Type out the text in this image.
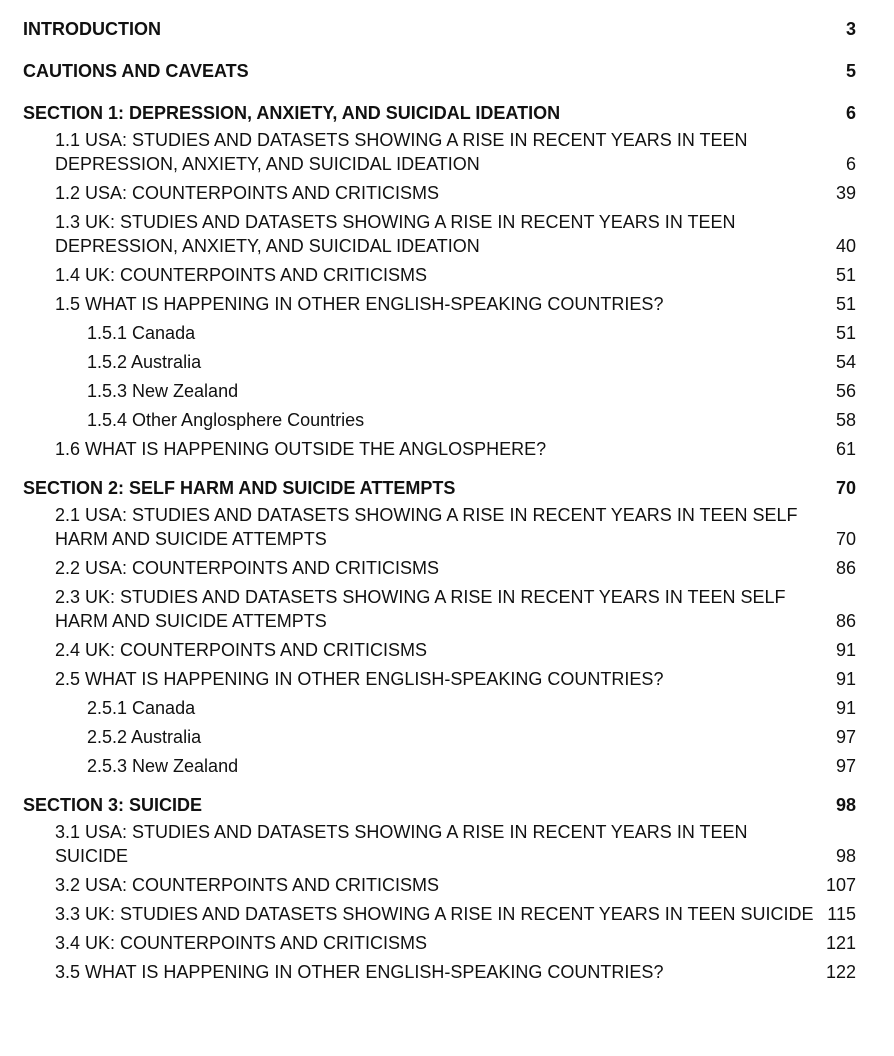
INTRODUCTION	3
CAUTIONS AND CAVEATS	5
SECTION 1: DEPRESSION, ANXIETY, AND SUICIDAL IDEATION	6
1.1 USA: STUDIES AND DATASETS SHOWING A RISE IN RECENT YEARS IN TEEN DEPRESSION, ANXIETY, AND SUICIDAL IDEATION	6
1.2 USA: COUNTERPOINTS AND CRITICISMS	39
1.3 UK: STUDIES AND DATASETS SHOWING A RISE IN RECENT YEARS IN TEEN DEPRESSION, ANXIETY, AND SUICIDAL IDEATION	40
1.4 UK: COUNTERPOINTS AND CRITICISMS	51
1.5 WHAT IS HAPPENING IN OTHER ENGLISH-SPEAKING COUNTRIES?	51
1.5.1 Canada	51
1.5.2 Australia	54
1.5.3 New Zealand	56
1.5.4 Other Anglosphere Countries	58
1.6 WHAT IS HAPPENING OUTSIDE THE ANGLOSPHERE?	61
SECTION 2: SELF HARM AND SUICIDE ATTEMPTS	70
2.1 USA: STUDIES AND DATASETS SHOWING A RISE IN RECENT YEARS IN TEEN SELF HARM AND SUICIDE ATTEMPTS	70
2.2 USA: COUNTERPOINTS AND CRITICISMS	86
2.3 UK: STUDIES AND DATASETS SHOWING A RISE IN RECENT YEARS IN TEEN SELF HARM AND SUICIDE ATTEMPTS	86
2.4 UK: COUNTERPOINTS AND CRITICISMS	91
2.5 WHAT IS HAPPENING IN OTHER ENGLISH-SPEAKING COUNTRIES?	91
2.5.1 Canada	91
2.5.2 Australia	97
2.5.3 New Zealand	97
SECTION 3: SUICIDE	98
3.1 USA: STUDIES AND DATASETS SHOWING A RISE IN RECENT YEARS IN TEEN SUICIDE	98
3.2 USA: COUNTERPOINTS AND CRITICISMS	107
3.3 UK: STUDIES AND DATASETS SHOWING A RISE IN RECENT YEARS IN TEEN SUICIDE 115
3.4 UK: COUNTERPOINTS AND CRITICISMS	121
3.5 WHAT IS HAPPENING IN OTHER ENGLISH-SPEAKING COUNTRIES?	122
